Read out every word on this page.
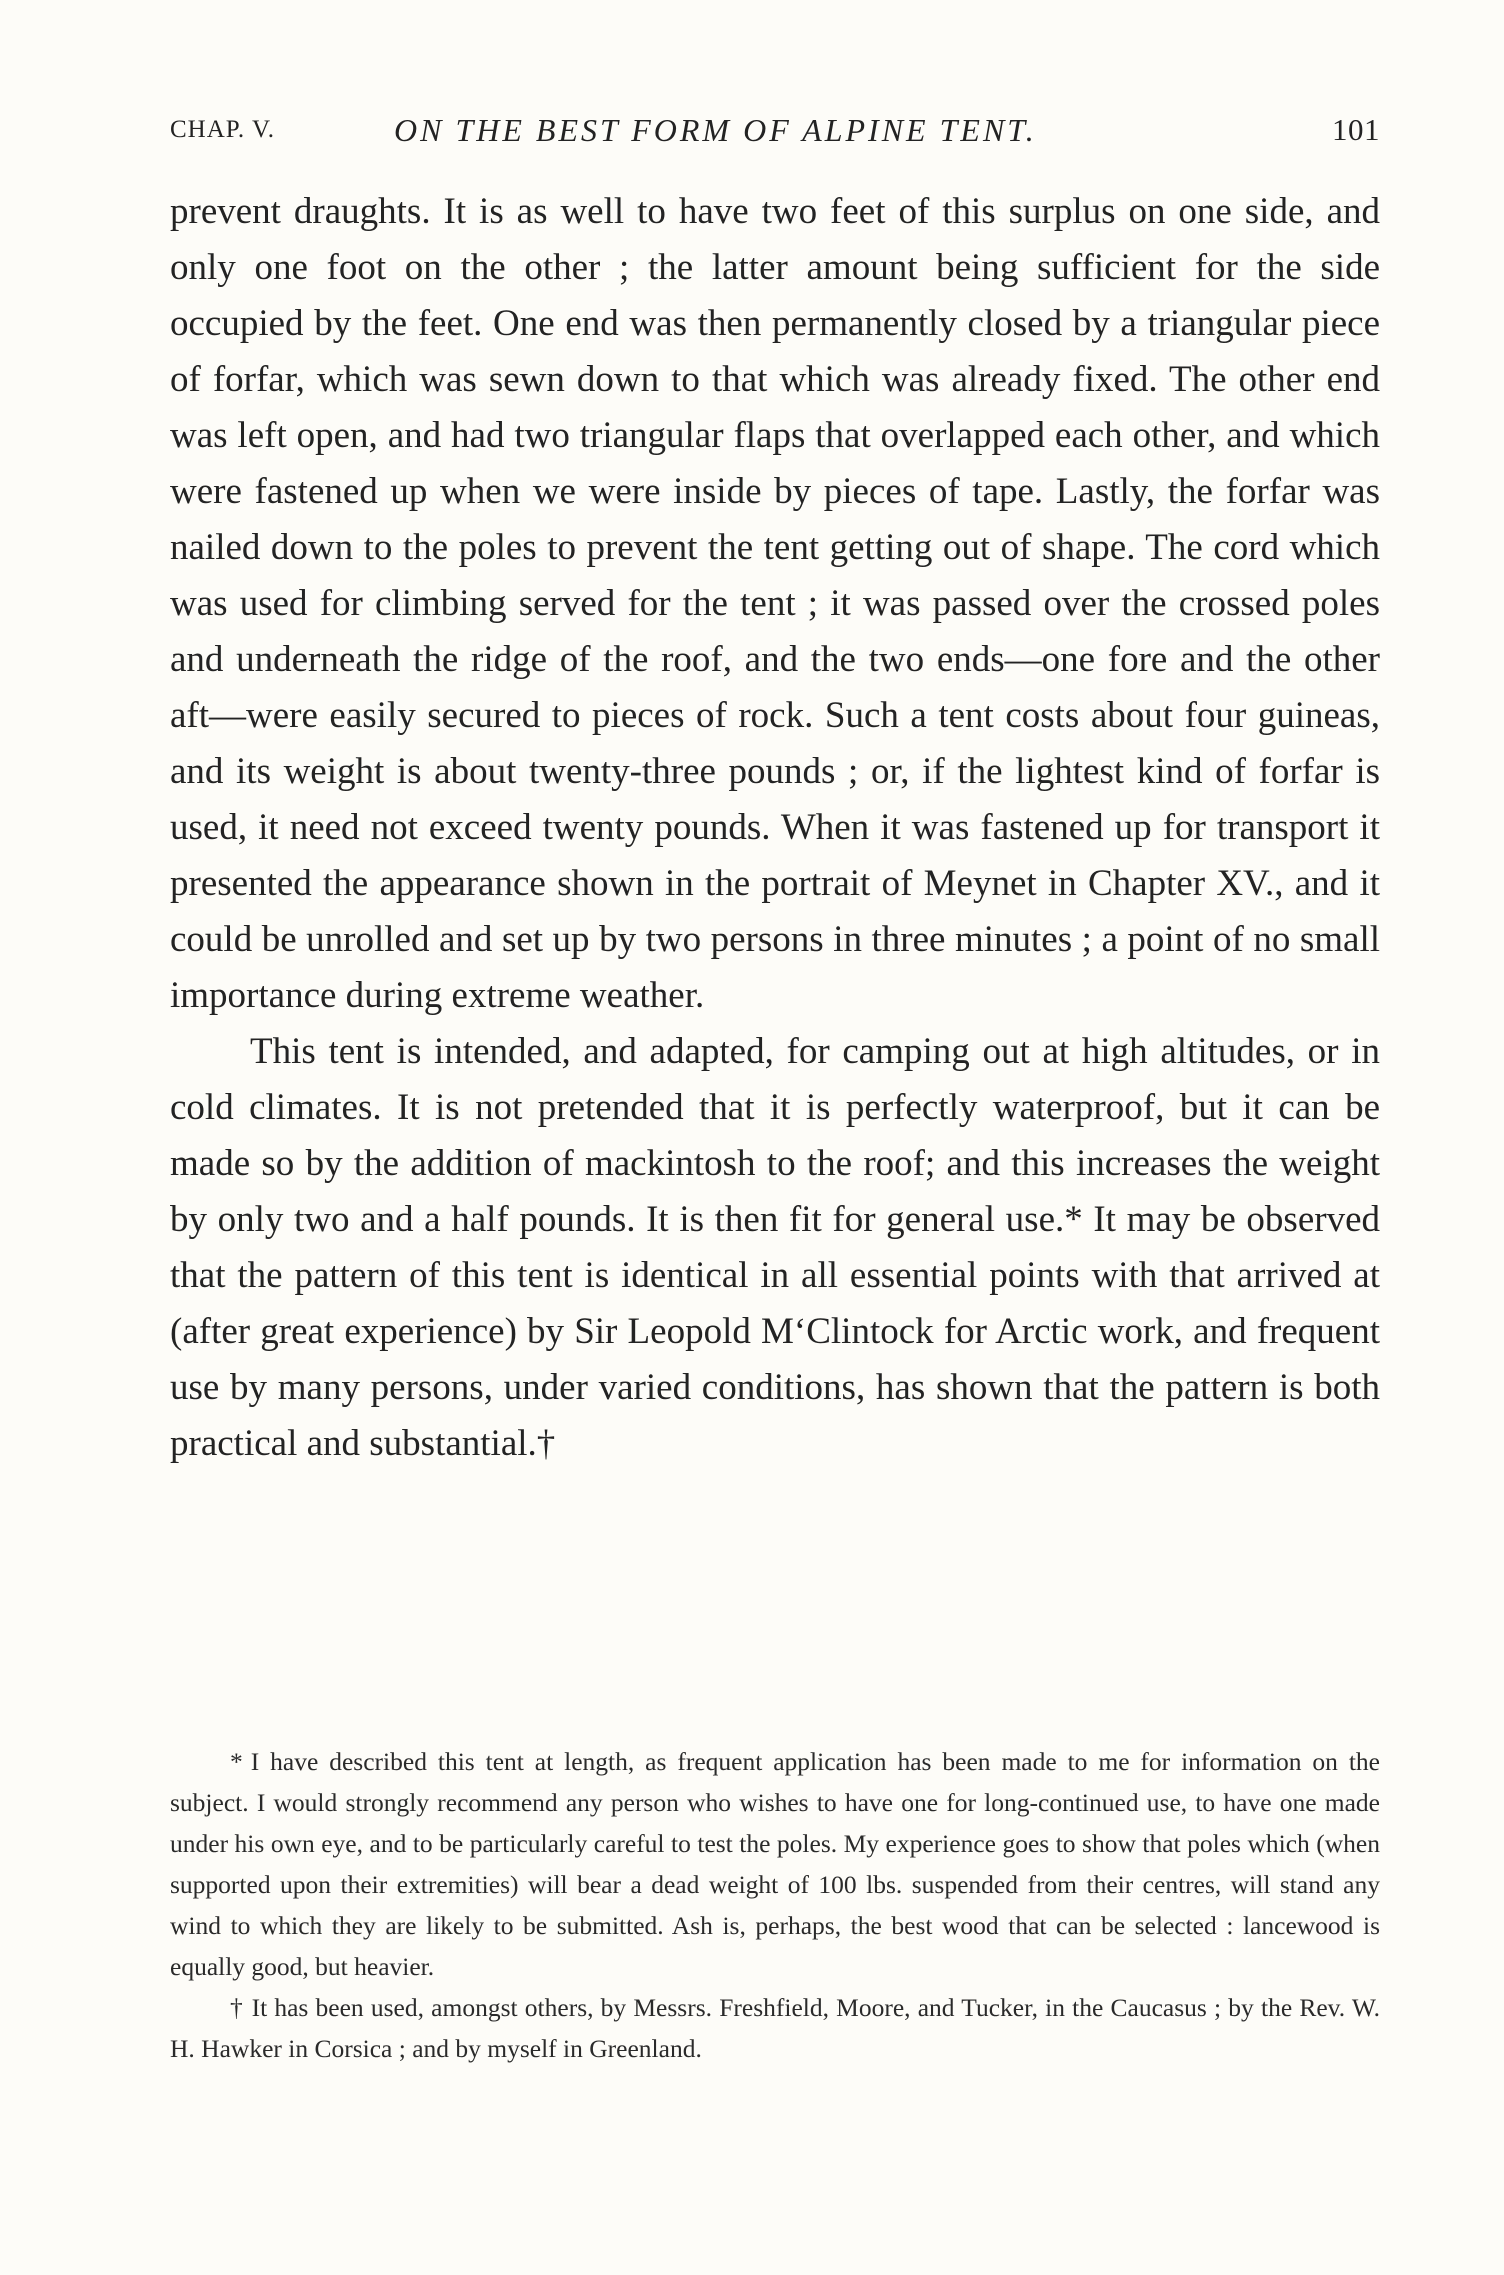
CHAP. V.	ON THE BEST FORM OF ALPINE TENT.	101

prevent draughts. It is as well to have two feet of this surplus on one side, and only one foot on the other ; the latter amount being sufficient for the side occupied by the feet. One end was then permanently closed by a triangular piece of forfar, which was sewn down to that which was already fixed. The other end was left open, and had two triangular flaps that overlapped each other, and which were fastened up when we were inside by pieces of tape. Lastly, the forfar was nailed down to the poles to prevent the tent getting out of shape. The cord which was used for climbing served for the tent ; it was passed over the crossed poles and underneath the ridge of the roof, and the two ends—one fore and the other aft—were easily secured to pieces of rock. Such a tent costs about four guineas, and its weight is about twenty-three pounds ; or, if the lightest kind of forfar is used, it need not exceed twenty pounds. When it was fastened up for transport it presented the appearance shown in the portrait of Meynet in Chapter XV., and it could be unrolled and set up by two persons in three minutes ; a point of no small importance during extreme weather.

This tent is intended, and adapted, for camping out at high altitudes, or in cold climates. It is not pretended that it is perfectly waterproof, but it can be made so by the addition of mackintosh to the roof; and this increases the weight by only two and a half pounds. It is then fit for general use.* It may be observed that the pattern of this tent is identical in all essential points with that arrived at (after great experience) by Sir Leopold M‘Clintock for Arctic work, and frequent use by many persons, under varied conditions, has shown that the pattern is both practical and substantial.†

* I have described this tent at length, as frequent application has been made to me for information on the subject. I would strongly recommend any person who wishes to have one for long-continued use, to have one made under his own eye, and to be particularly careful to test the poles. My experience goes to show that poles which (when supported upon their extremities) will bear a dead weight of 100 lbs. suspended from their centres, will stand any wind to which they are likely to be submitted. Ash is, perhaps, the best wood that can be selected : lancewood is equally good, but heavier.

† It has been used, amongst others, by Messrs. Freshfield, Moore, and Tucker, in the Caucasus ; by the Rev. W. H. Hawker in Corsica ; and by myself in Greenland.
